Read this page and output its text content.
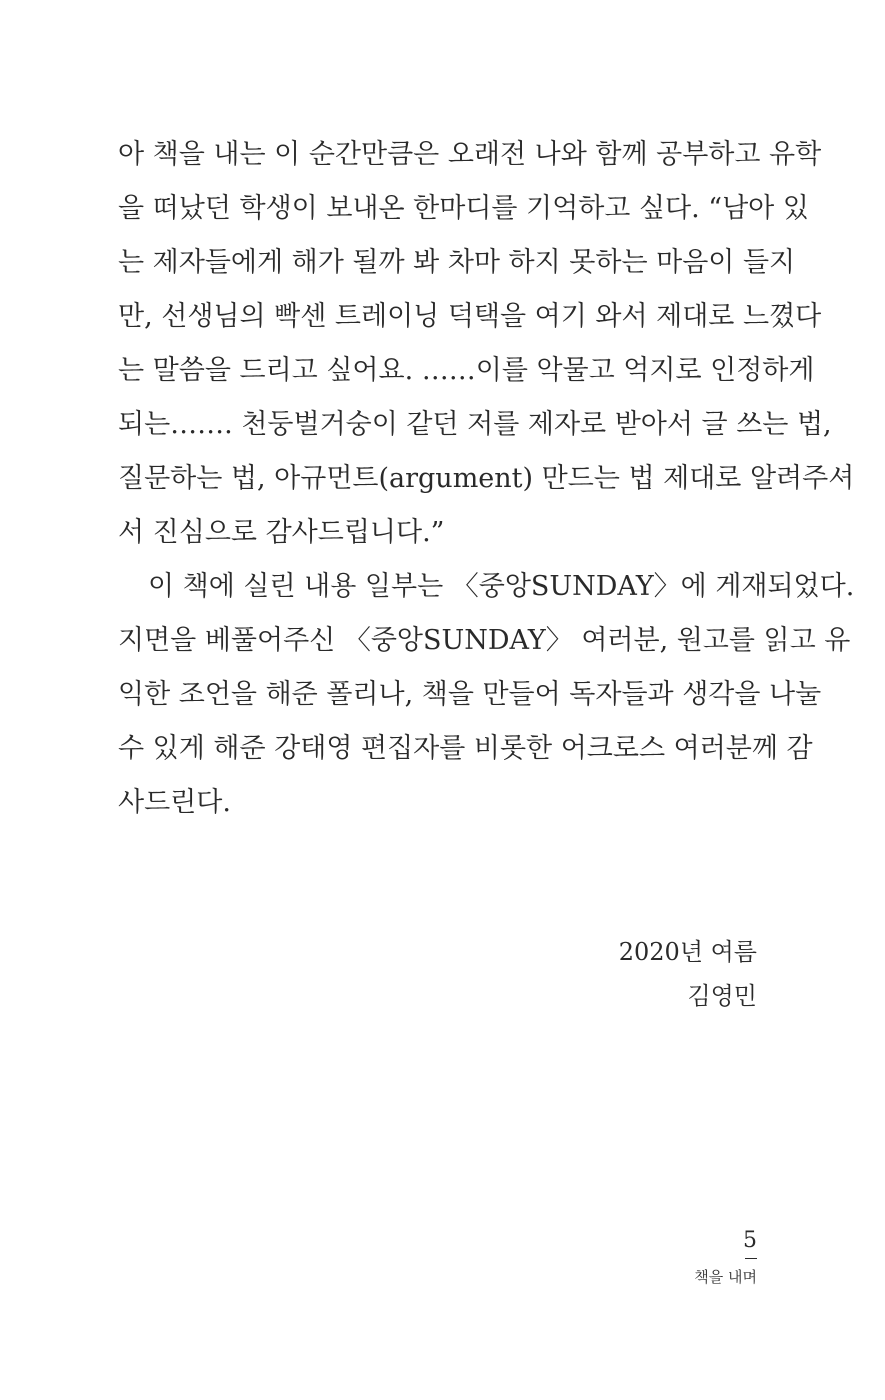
아 책을 내는 이 순간만큼은 오래전 나와 함께 공부하고 유학
을 떠났던 학생이 보내온 한마디를 기억하고 싶다. “남아 있
는 제자들에게 해가 될까 봐 차마 하지 못하는 마음이 들지
만, 선생님의 빡센 트레이닝 덕택을 여기 와서 제대로 느꼈다
는 말씀을 드리고 싶어요. ……이를 악물고 억지로 인정하게
되는……. 천둥벌거숭이 같던 저를 제자로 받아서 글 쓰는 법,
질문하는 법, 아규먼트(argument) 만드는 법 제대로 알려주셔
서 진심으로 감사드립니다.”
이 책에 실린 내용 일부는 〈중앙SUNDAY〉에 게재되었다.
지면을 베풀어주신 〈중앙SUNDAY〉 여러분, 원고를 읽고 유
익한 조언을 해준 폴리나, 책을 만들어 독자들과 생각을 나눌
수 있게 해준 강태영 편집자를 비롯한 어크로스 여러분께 감
사드린다.
2020년 여름
김영민
5
책을 내며
